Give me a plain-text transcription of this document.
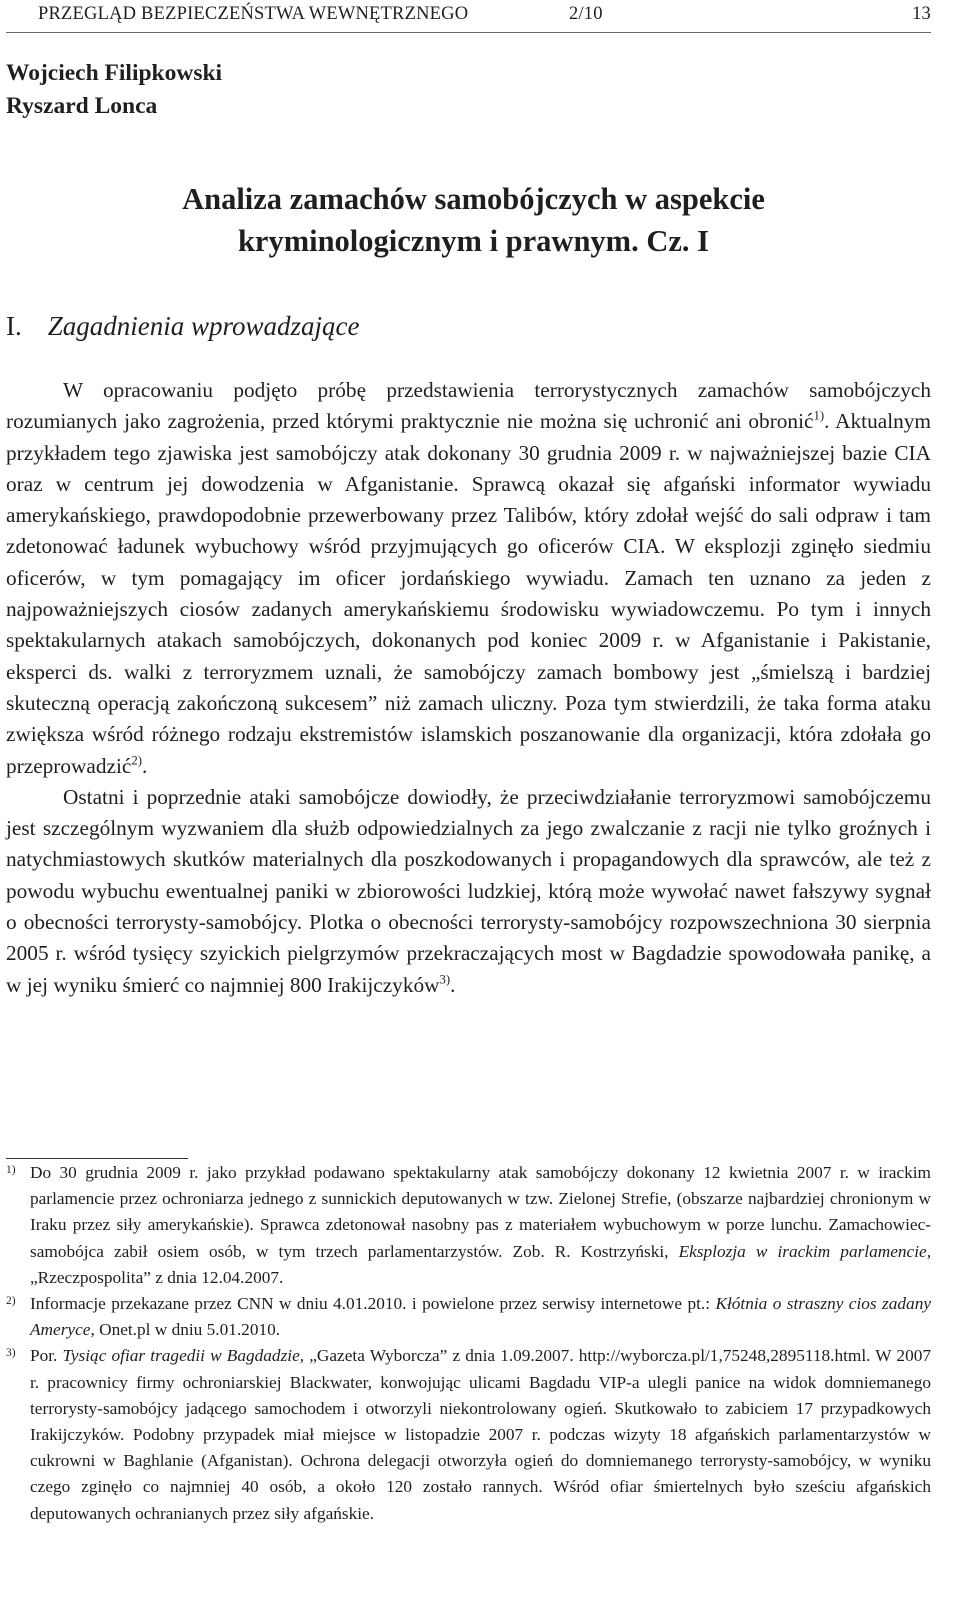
PRZEGLĄD BEZPIECZEŃSTWA WEWNĘTRZNEGO	2/10	13
Wojciech Filipkowski
Ryszard Lonca
Analiza zamachów samobójczych w aspekcie
kryminologicznym i prawnym. Cz. I
I. Zagadnienia wprowadzające

W opracowaniu podjęto próbę przedstawienia terrorystycznych zamachów samobójczych rozumianych jako zagrożenia, przed którymi praktycznie nie można się uchronić ani obronić$^{1)}$. Aktualnym przykładem tego zjawiska jest samobójczy atak dokonany 30 grudnia 2009 r. w najważniejszej bazie CIA oraz w centrum jej dowodzenia w Afganistanie. Sprawcą okazał się afgański informator wywiadu amerykańskiego, prawdopodobnie przewerbowany przez Talibów, który zdołał wejść do sali odpraw i tam zdetonować ładunek wybuchowy wśród przyjmujących go oficerów CIA. W eksplozji zginęło siedmiu oficerów, w tym pomagający im oficer jordańskiego wywiadu. Zamach ten uznano za jeden z najpoważniejszych ciosów zadanych amerykańskiemu środowisku wywiadowczemu. Po tym i innych spektakularnych atakach samobójczych, dokonanych pod koniec 2009 r. w Afganistanie i Pakistanie, eksperci ds. walki z terroryzmem uznali, że samobójczy zamach bombowy jest „śmielszą i bardziej skuteczną operacją zakończoną sukcesem” niż zamach uliczny. Poza tym stwierdzili, że taka forma ataku zwiększa wśród różnego rodzaju ekstremistów islamskich poszanowanie dla organizacji, która zdołała go przeprowadzić$^{2)}$.

Ostatni i poprzednie ataki samobójcze dowiodły, że przeciwdziałanie terroryzmowi samobójczemu jest szczególnym wyzwaniem dla służb odpowiedzialnych za jego zwalczanie z racji nie tylko groźnych i natychmiastowych skutków materialnych dla poszkodowanych i propagandowych dla sprawców, ale też z powodu wybuchu ewentualnej paniki w zbiorowości ludzkiej, którą może wywołać nawet fałszywy sygnał o obecności terrorysty-samobójcy. Plotka o obecności terrorysty-samobójcy rozpowszechniona 30 sierpnia 2005 r. wśród tysięcy szyickich pielgrzymów przekraczających most w Bagdadzie spowodowała panikę, a w jej wyniku śmierć co najmniej 800 Irakijczyków$^{3)}$.

1) Do 30 grudnia 2009 r. jako przykład podawano spektakularny atak samobójczy dokonany 12 kwietnia 2007 r. w irackim parlamencie przez ochroniarza jednego z sunnickich deputowanych w tzw. Zielonej Strefie, (obszarze najbardziej chronionym w Iraku przez siły amerykańskie). Sprawca zdetonował nasobny pas z materiałem wybuchowym w porze lunchu. Zamachowiec-samobójca zabił osiem osób, w tym trzech parlamentarzystów. Zob. R. Kostrzyński, Eksplozja w irackim parlamencie, „Rzeczpospolita” z dnia 12.04.2007.

2) Informacje przekazane przez CNN w dniu 4.01.2010. i powielone przez serwisy internetowe pt.: Kłótnia o straszny cios zadany Ameryce, Onet.pl w dniu 5.01.2010.

3) Por. Tysiąc ofiar tragedii w Bagdadzie, „Gazeta Wyborcza” z dnia 1.09.2007. http://wyborcza.pl/1,75248,2895118.html. W 2007 r. pracownicy firmy ochroniarskiej Blackwater, konwojując ulicami Bagdadu VIP-a ulegli panice na widok domniemanego terrorysty-samobójcy jadącego samochodem i otworzyli niekontrolowany ogień. Skutkowało to zabiciem 17 przypadkowych Irakijczyków. Podobny przypadek miał miejsce w listopadzie 2007 r. podczas wizyty 18 afgańskich parlamentarzystów w cukrowni w Baghlanie (Afganistan). Ochrona delegacji otworzyła ogień do domniemanego terrorysty-samobójcy, w wyniku czego zginęło co najmniej 40 osób, a około 120 zostało rannych. Wśród ofiar śmiertelnych było sześciu afgańskich deputowanych ochranianych przez siły afgańskie.
